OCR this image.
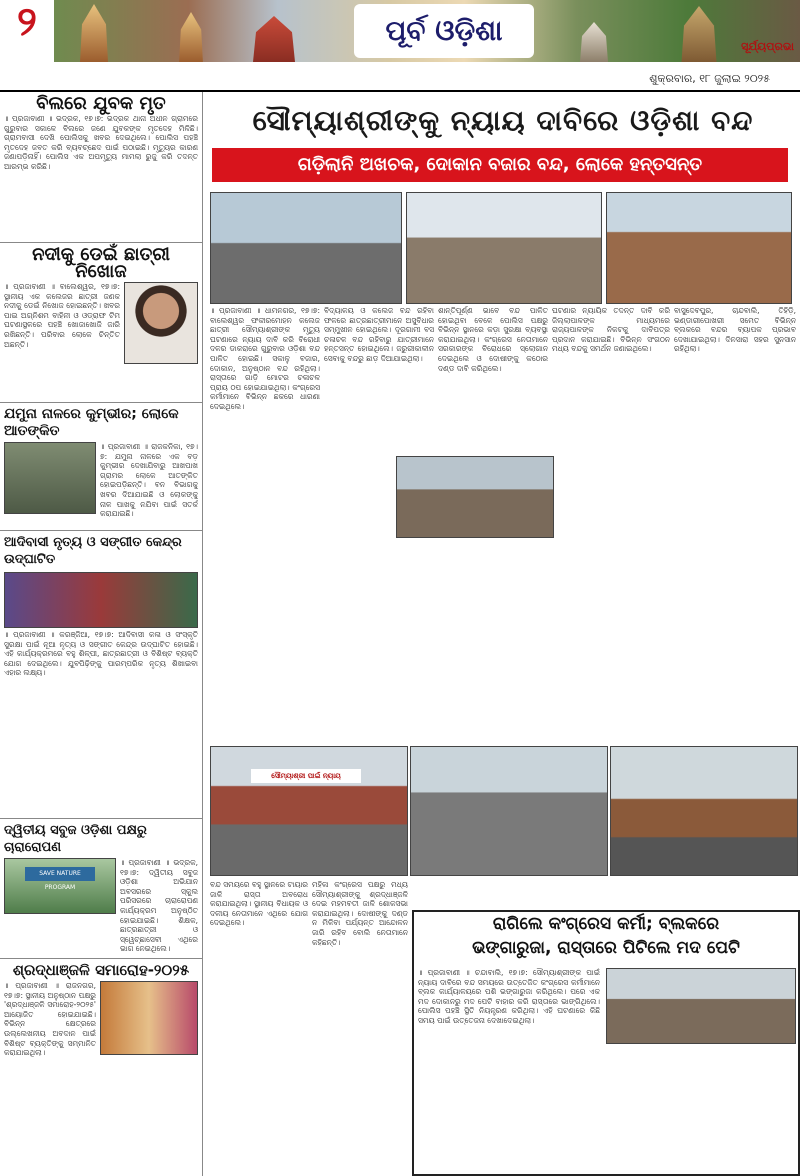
୨	ପୂର୍ବ ଓଡ଼ିଶା	ସୂର୍ଯ୍ୟପ୍ରଭା
ଶୁକ୍ରବାର, ୧୮ ଜୁଲାଇ ୨୦୨୫
ବିଲରେ ଯୁବକ ମୃତ
॥ ପ୍ରଜାବାଣୀ ॥ ଭଦ୍ରକ, ୧୭।୭: ଭଦ୍ରକ ଥାନା ଅଧୀନ ଗ୍ରାମରେ ଗୁରୁବାର ସକାଳେ ବିଲରେ ଜଣେ ଯୁବକଙ୍କ ମୃତଦେହ ମିଳିଛି। ଗ୍ରାମବାସୀ ଦେଖି ପୋଲିସକୁ ଖବର ଦେଇଥିଲେ। ପୋଲିସ ପହଞ୍ଚି ମୃତଦେହ ଜବତ କରି ବ୍ୟବଚ୍ଛେଦ ପାଇଁ ପଠାଇଛି। ମୃତ୍ୟୁର କାରଣ ଜଣାପଡ଼ିନାହିଁ। ପୋଲିସ ଏକ ଅପମୃତ୍ୟୁ ମାମଲା ରୁଜୁ କରି ତଦନ୍ତ ଆରମ୍ଭ କରିଛି।
ନଦୀକୁ ଡେଇଁ ଛାତ୍ରୀ ନିଖୋଜ
॥ ପ୍ରଜାବାଣୀ ॥ ବାଲେଶ୍ୱର, ୧୭।୭: ସ୍ଥାନୀୟ ଏକ କଲେଜର ଛାତ୍ରୀ ଜଣକ ନଦୀକୁ ଡେଇଁ ନିଖୋଜ ହୋଇଛନ୍ତି। ଖବର ପାଇ ଅଗ୍ନିଶମ ବାହିନୀ ଓ ଓଡ୍ରାଫ ଟିମ ଘଟଣାସ୍ଥଳରେ ପହଞ୍ଚି ଖୋଜାଖୋଜି ଜାରି ରଖିଛନ୍ତି। ପରିବାର ଲୋକେ ଚିନ୍ତିତ ଅଛନ୍ତି।
ଯମୁନା ନାଳରେ କୁମ୍ଭୀର; ଲୋକେ ଆତଙ୍କିତ
॥ ପ୍ରଜାବାଣୀ ॥ ରାଜକନିକା, ୧୭।୭: ଯମୁନା ନାଳରେ ଏକ ବଡ଼ କୁମ୍ଭୀର ଦେଖାଯିବାରୁ ଆଖପାଖ ଗ୍ରାମର ଲୋକେ ଆତଙ୍କିତ ହୋଇପଡ଼ିଛନ୍ତି। ବନ ବିଭାଗକୁ ଖବର ଦିଆଯାଇଛି ଓ ଲୋକଙ୍କୁ ନାଳ ପାଖକୁ ନଯିବା ପାଇଁ ସତର୍କ କରାଯାଇଛି।
ଆଦିବାସୀ ନୃତ୍ୟ ଓ ସଙ୍ଗୀତ କେନ୍ଦ୍ର ଉଦ୍‌ଘାଟିତ
॥ ପ୍ରଜାବାଣୀ ॥ କରଞ୍ଜିଆ, ୧୭।୭: ଆଦିବାସୀ କଳା ଓ ସଂସ୍କୃତି ସୁରକ୍ଷା ପାଇଁ ନୂଆ ନୃତ୍ୟ ଓ ସଙ୍ଗୀତ କେନ୍ଦ୍ର ଉଦ୍‌ଘାଟିତ ହୋଇଛି। ଏହି କାର୍ଯ୍ୟକ୍ରମରେ ବହୁ ଶିଳ୍ପୀ, ଛାତ୍ରଛାତ୍ରୀ ଓ ବିଶିଷ୍ଟ ବ୍ୟକ୍ତି ଯୋଗ ଦେଇଥିଲେ। ଯୁବପିଢ଼ିଙ୍କୁ ପାରମ୍ପରିକ ନୃତ୍ୟ ଶିଖାଇବା ଏହାର ଲକ୍ଷ୍ୟ।
ଦ୍ୱିତୀୟ ସବୁଜ ଓଡ଼ିଶା ପକ୍ଷରୁ ଚାରାରୋପଣ
SAVE NATURE PROGRAM
॥ ପ୍ରଜାବାଣୀ ॥ ଭଦ୍ରକ, ୧୭।୭: ଦ୍ୱିତୀୟ ସବୁଜ ଓଡ଼ିଶା ଅଭିଯାନ ଅବସରରେ ସ୍କୁଲ ପରିସରରେ ଚାରାରୋପଣ କାର୍ଯ୍ୟକ୍ରମ ଅନୁଷ୍ଠିତ ହୋଇଯାଇଛି। ଶିକ୍ଷକ, ଛାତ୍ରଛାତ୍ରୀ ଓ ସ୍ୱେଚ୍ଛାସେବୀ ଏଥିରେ ଭାଗ ନେଇଥିଲେ।
ଶ୍ରଦ୍ଧାଞ୍ଜଳି ସମାରୋହ-୨୦୨୫
॥ ପ୍ରଜାବାଣୀ ॥ ରାଜନଗର, ୧୭।୭: ସ୍ଥାନୀୟ ଅନୁଷ୍ଠାନ ପକ୍ଷରୁ 'ଶ୍ରଦ୍ଧାଞ୍ଜଳି ସମାରୋହ-୨୦୨୫' ଆୟୋଜିତ ହୋଇଯାଇଛି। ବିଭିନ୍ନ କ୍ଷେତ୍ରରେ ଉଲ୍ଲେଖନୀୟ ଅବଦାନ ପାଇଁ ବିଶିଷ୍ଟ ବ୍ୟକ୍ତିଙ୍କୁ ସମ୍ମାନିତ କରାଯାଇଥିଲା।
ସୌମ୍ୟାଶ୍ରୀଙ୍କୁ ନ୍ୟାୟ ଦାବିରେ ଓଡ଼ିଶା ବନ୍ଦ
ଗଡ଼ିଲାନି ଅଖଚକ, ଦୋକାନ ବଜାର ବନ୍ଦ, ଲୋକେ ହନ୍ତସନ୍ତ
॥ ପ୍ରଜାବାଣୀ ॥ ଧାମନଗର, ୧୭।୭: ବାଲେଶ୍ୱର ଫକୀରମୋହନ କଲେଜ ଛାତ୍ରୀ ସୌମ୍ୟାଶ୍ରୀଙ୍କ ମୃତ୍ୟୁ ଘଟଣାରେ ନ୍ୟାୟ ଦାବି କରି ବିରୋଧୀ ଦଳର ଡାକରାରେ ଗୁରୁବାର ଓଡ଼ିଶା ବନ୍ଦ ପାଳିତ ହୋଇଛି। ସକାଳୁ ବଜାର, ଦୋକାନ, ଅନୁଷ୍ଠାନ ବନ୍ଦ ରହିଥିଲା। ରାସ୍ତାରେ ଗାଡ଼ି ମୋଟର ଚଳାଚଳ ପ୍ରାୟ ଠପ ହୋଇଯାଇଥିଲା। କଂଗ୍ରେସ କର୍ମୀମାନେ ବିଭିନ୍ନ ଛକରେ ଧାରଣା ଦେଇଥିଲେ।
ବିଦ୍ୟାଳୟ ଓ କଲେଜ ବନ୍ଦ ରହିବା ଫଳରେ ଛାତ୍ରଛାତ୍ରୀମାନେ ଅସୁବିଧାର ସମ୍ମୁଖୀନ ହୋଇଥିଲେ। ଦୂରଗାମୀ ବସ ଚଳାଚଳ ବନ୍ଦ ରହିବାରୁ ଯାତ୍ରୀମାନେ ହନ୍ତସନ୍ତ ହୋଇଥିଲେ। ଜରୁରୀକାଳୀନ ସେବାକୁ ବନ୍ଦରୁ ଛାଡ଼ ଦିଆଯାଇଥିଲା।
ଶାନ୍ତିପୂର୍ଣ୍ଣ ଭାବେ ବନ୍ଦ ପାଳିତ ହୋଇଥିବା ବେଳେ ପୋଲିସ ପକ୍ଷରୁ ବିଭିନ୍ନ ସ୍ଥାନରେ କଡ଼ା ସୁରକ୍ଷା ବ୍ୟବସ୍ଥା କରାଯାଇଥିଲା। କଂଗ୍ରେସ ନେତାମାନେ ସରକାରଙ୍କ ବିରୋଧରେ ସ୍ଲୋଗାନ ଦେଇଥିଲେ ଓ ଦୋଷୀଙ୍କୁ କଠୋର ଦଣ୍ଡ ଦାବି କରିଥିଲେ।
ଘଟଣାର ନ୍ୟାୟିକ ତଦନ୍ତ ଦାବି କରି ଜିଲ୍ଲାପାଳଙ୍କ ମାଧ୍ୟମରେ ରାଜ୍ୟପାଳଙ୍କ ନିକଟକୁ ଦାବିପତ୍ର ପ୍ରଦାନ କରାଯାଇଛି। ବିଭିନ୍ନ ସଂଗଠନ ମଧ୍ୟ ବନ୍ଦକୁ ସମର୍ଥନ ଜଣାଇଥିଲେ।
ବାସୁଦେବପୁର, ଚାନ୍ଦବାଲି, ତିହିଡ଼ି, ଭଣ୍ଡାରୀପୋଖରୀ ସମେତ ବିଭିନ୍ନ ବ୍ଲକରେ ବନ୍ଦର ବ୍ୟାପକ ପ୍ରଭାବ ଦେଖାଯାଇଥିଲା। ଦିନସାରା ସହର ସୁନସାନ ରହିଥିଲା।
ସୌମ୍ୟାଶ୍ରୀ ପାଇଁ ନ୍ୟାୟ
ବନ୍ଦ ସମୟରେ ବହୁ ସ୍ଥାନରେ ଟାୟାର ଜାଳି ରାସ୍ତା ଅବରୋଧ କରାଯାଇଥିଲା। ସ୍ଥାନୀୟ ବିଧାୟକ ଓ ଦଳୀୟ ନେତାମାନେ ଏଥିରେ ଯୋଗ ଦେଇଥିଲେ।
ମହିଳା କଂଗ୍ରେସ ପକ୍ଷରୁ ମଧ୍ୟ ସୌମ୍ୟାଶ୍ରୀଙ୍କୁ ଶ୍ରଦ୍ଧାଞ୍ଜଳି ଦେଇ ମହମବତୀ ଜାଳି ଶୋକସଭା କରାଯାଇଥିଲା। ଦୋଷୀଙ୍କୁ ଦଣ୍ଡ ନ ମିଳିବା ପର୍ଯ୍ୟନ୍ତ ଆନ୍ଦୋଳନ ଜାରି ରହିବ ବୋଲି ନେତାମାନେ କହିଛନ୍ତି।
ରାଗିଲେ କଂଗ୍ରେସ କର୍ମୀ; ବ୍ଲକରେ
ଭଙ୍ଗାରୁଜା, ରାସ୍ତାରେ ପିଟିଲେ ମଦ ପେଟି
॥ ପ୍ରଜାବାଣୀ ॥ ଚନ୍ଦାବାଲି, ୧୭।୭: ସୌମ୍ୟାଶ୍ରୀଙ୍କ ପାଇଁ ନ୍ୟାୟ ଦାବିରେ ବନ୍ଦ ସମୟରେ ଉତ୍ତେଜିତ କଂଗ୍ରେସ କର୍ମୀମାନେ ବ୍ଲକ କାର୍ଯ୍ୟାଳୟରେ ପଶି ଭଙ୍ଗାରୁଜା କରିଥିଲେ। ପରେ ଏକ ମଦ ଦୋକାନରୁ ମଦ ପେଟି ବାହାର କରି ରାସ୍ତାରେ ଭାଙ୍ଗିଥିଲେ। ପୋଲିସ ପହଞ୍ଚି ସ୍ଥିତି ନିୟନ୍ତ୍ରଣ କରିଥିଲା। ଏହି ଘଟଣାରେ କିଛି ସମୟ ପାଇଁ ଉତ୍ତେଜନା ଦେଖାଦେଇଥିଲା।
